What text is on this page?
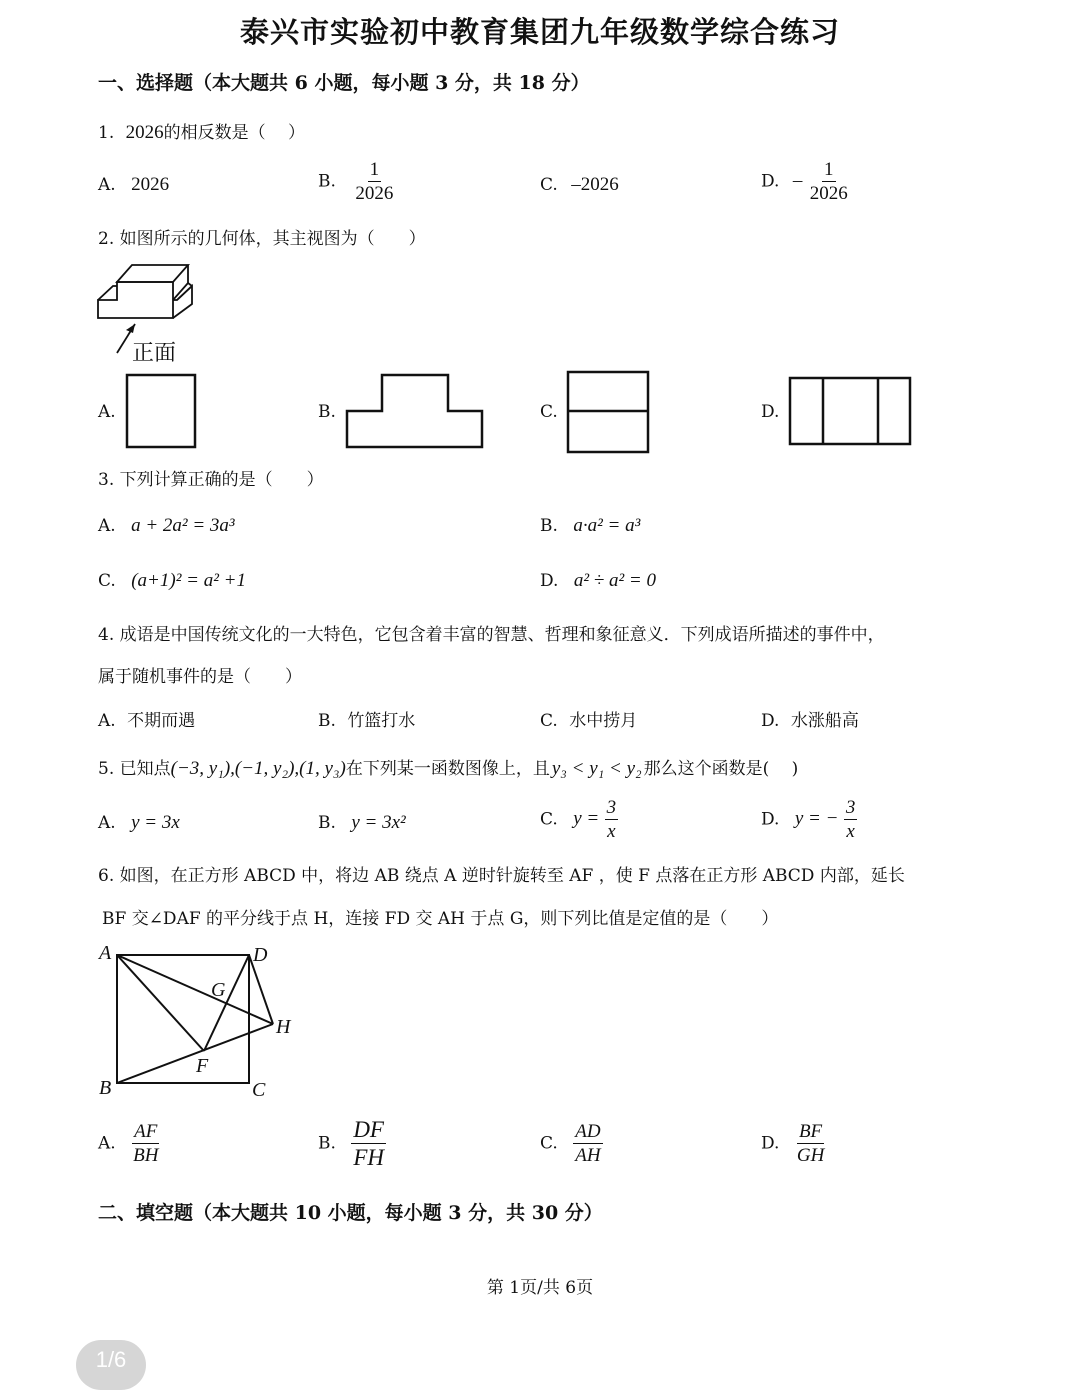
泰兴市实验初中教育集团九年级数学综合练习
一、选择题（本大题共 6 小题，每小题 3 分，共 18 分）
1. 2026的相反数是（　 ）
A. 2026	B. $\frac{1}{2026}$	C. –2026	D. – $\frac{1}{2026}$
2. 如图所示的几何体，其主视图为（　　）
正面
A.	B.	C.	D.
3. 下列计算正确的是（　　）
A. a + 2a² = 3a³	B. a·a² = a³
C. (a+1)² = a² +1	D. a² ÷ a² = 0
4. 成语是中国传统文化的一大特色，它包含着丰富的智慧、哲理和象征意义．下列成语所描述的事件中，
属于随机事件的是（　　）
A. 不期而遇	B. 竹篮打水	C. 水中捞月	D. 水涨船高
5. 已知点(−3, y₁),(−1, y₂),(1, y₃)在下列某一函数图像上，且 y₃ < y₁ < y₂ 那么这个函数是(　 )
A. y = 3x	B. y = 3x²	C. $y = \frac{3}{x}$	D. y = − $\frac{3}{x}$
6. 如图，在正方形 ABCD 中，将边 AB 绕点 A 逆时针旋转至 AF ，使 F 点落在正方形 ABCD 内部，延长
BF 交∠DAF 的平分线于点 H，连接 FD 交 AH 于点 G，则下列比值是定值的是（　　）
A	D
G
H
F
B	C
A. $\frac{AF}{BH}$	B. $\frac{DF}{FH}$	C. $\frac{AD}{AH}$	D. $\frac{BF}{GH}$
二、填空题（本大题共 10 小题，每小题 3 分，共 30 分）
第 1页/共 6页
1/6
